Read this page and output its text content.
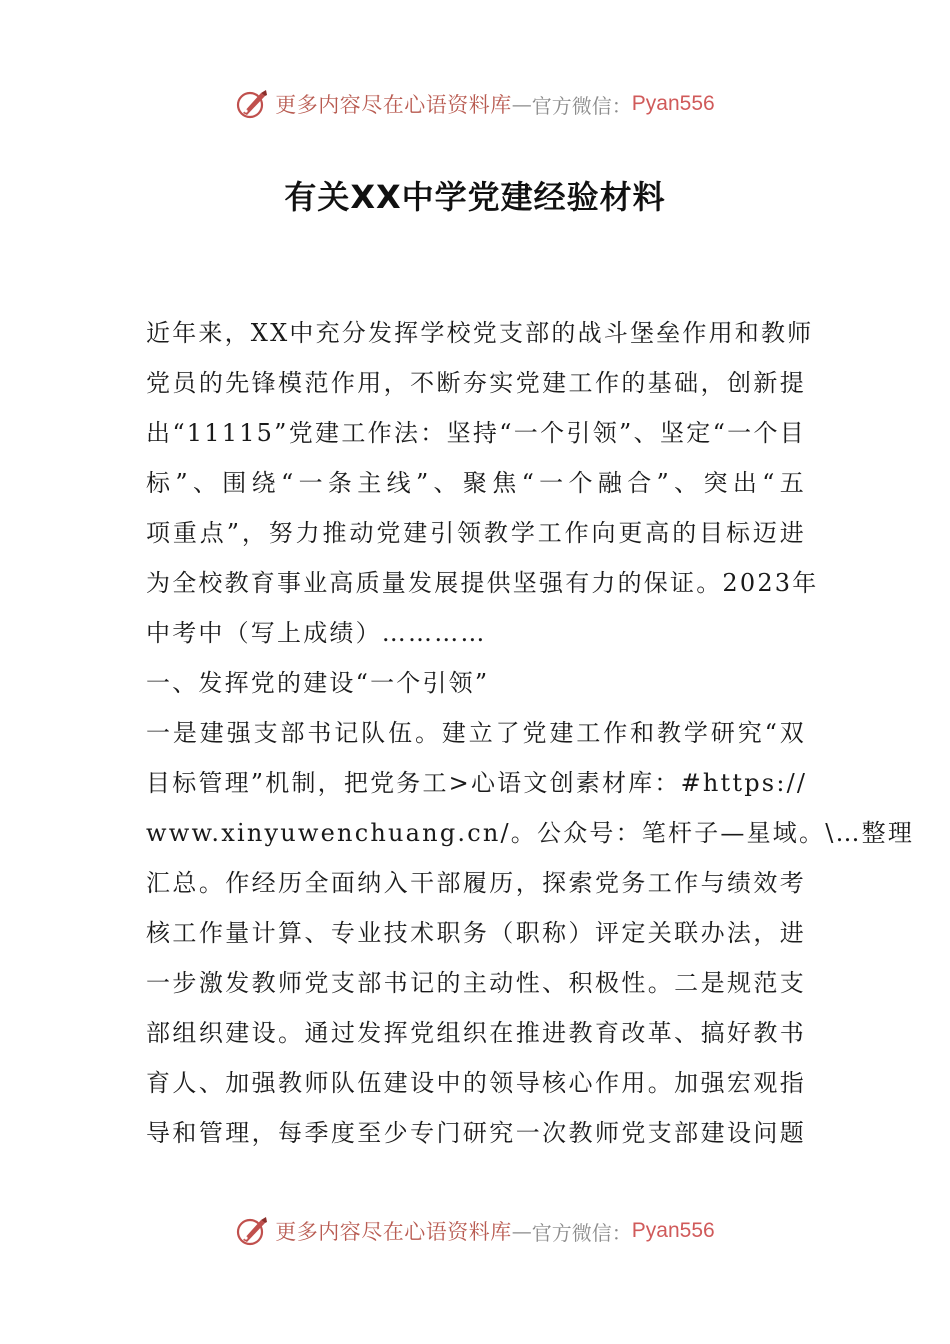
更多内容尽在心语资料库 — 官方微信： Pyan556
有关XX中学党建经验材料
近年来，XX中充分发挥学校党支部的战斗堡垒作用和教师
党员的先锋模范作用，不断夯实党建工作的基础，创新提
出“11115”党建工作法：坚持“一个引领”、坚定“一个目
标”、围绕“一条主线”、聚焦“一个融合”、突出“五
项重点”，努力推动党建引领教学工作向更高的目标迈进
为全校教育事业高质量发展提供坚强有力的保证。2023年
中考中（写上成绩）…………
一、发挥党的建设“一个引领”
一是建强支部书记队伍。建立了党建工作和教学研究“双
目标管理”机制，把党务工>心语文创素材库：#https://
www.xinyuwenchuang.cn/。公众号：笔杆子—星域。\…整理
汇总。作经历全面纳入干部履历，探索党务工作与绩效考
核工作量计算、专业技术职务（职称）评定关联办法，进
一步激发教师党支部书记的主动性、积极性。二是规范支
部组织建设。通过发挥党组织在推进教育改革、搞好教书
育人、加强教师队伍建设中的领导核心作用。加强宏观指
导和管理，每季度至少专门研究一次教师党支部建设问题
更多内容尽在心语资料库 — 官方微信： Pyan556
